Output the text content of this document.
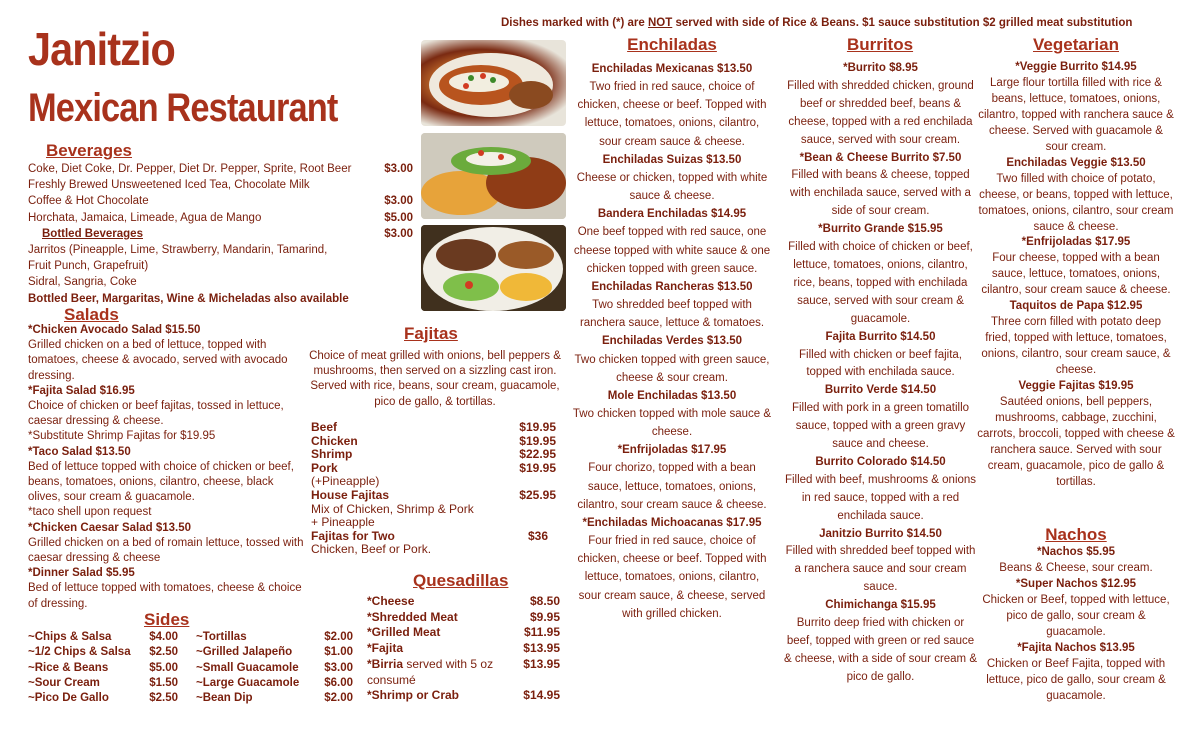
Dishes marked with (*) are NOT served with side of Rice & Beans. $1 sauce substitution $2 grilled meat substitution
Janitzio
Mexican Restaurant
Beverages
Coke, Diet Coke, Dr. Pepper, Diet Dr. Pepper, Sprite, Root Beer	$3.00
Freshly Brewed Unsweetened Iced Tea, Chocolate Milk
Coffee & Hot Chocolate	$3.00
Horchata, Jamaica, Limeade, Agua de Mango	$5.00
Bottled Beverages	$3.00
Jarritos (Pineapple, Lime, Strawberry, Mandarin, Tamarind,
Fruit Punch, Grapefruit)
Sidral, Sangria, Coke
Bottled Beer, Margaritas, Wine & Micheladas also available
Salads
*Chicken Avocado Salad $15.50
Grilled chicken on a bed of lettuce, topped with tomatoes, cheese & avocado, served with avocado dressing.
*Fajita Salad $16.95
Choice of chicken or beef fajitas, tossed in lettuce, caesar dressing & cheese.
*Substitute Shrimp Fajitas for $19.95
*Taco Salad $13.50
Bed of lettuce topped with choice of chicken or beef, beans, tomatoes, onions, cilantro, cheese, black olives, sour cream & guacamole.
*taco shell upon request
*Chicken Caesar Salad $13.50
Grilled chicken on a bed of romain lettuce, tossed with caesar dressing & cheese
*Dinner Salad $5.95
Bed of lettuce topped with tomatoes, cheese & choice of dressing.
Sides
~Chips & Salsa	$4.00
~1/2 Chips & Salsa $2.50
~Rice & Beans	$5.00
~Sour Cream	$1.50
~Pico De Gallo	$2.50
~Tortillas	$2.00
~Grilled Jalapeño	$1.00
~Small Guacamole $3.00
~Large Guacamole $6.00
~Bean Dip	$2.00
Fajitas
Choice of meat grilled with onions, bell peppers & mushrooms, then served on a sizzling cast iron. Served with rice, beans, sour cream, guacamole, pico de gallo, & tortillas.
Beef	$19.95
Chicken	$19.95
Shrimp	$22.95
Pork	$19.95
(+Pineapple)
House Fajitas	$25.95
Mix of Chicken, Shrimp & Pork
+ Pineapple
Fajitas for Two	$36
Chicken, Beef or Pork.
Quesadillas
*Cheese	$8.50
*Shredded Meat	$9.95
*Grilled Meat	$11.95
*Fajita	$13.95
*Birria served with 5 oz	$13.95
consumé
*Shrimp or Crab	$14.95
Enchiladas
Enchiladas Mexicanas $13.50
Two fried in red sauce, choice of chicken, cheese or beef. Topped with lettuce, tomatoes, onions, cilantro, sour cream sauce & cheese.
Enchiladas Suizas $13.50
Cheese or chicken, topped with white sauce & cheese.
Bandera Enchiladas $14.95
One beef topped with red sauce, one cheese topped with white sauce & one chicken topped with green sauce.
Enchiladas Rancheras $13.50
Two shredded beef topped with ranchera sauce, lettuce & tomatoes.
Enchiladas Verdes $13.50
Two chicken topped with green sauce, cheese & sour cream.
Mole Enchiladas $13.50
Two chicken topped with mole sauce & cheese.
*Enfrijoladas $17.95
Four chorizo, topped with a bean sauce, lettuce, tomatoes, onions, cilantro, sour cream sauce & cheese.
*Enchiladas Michoacanas $17.95
Four fried in red sauce, choice of chicken, cheese or beef. Topped with lettuce, tomatoes, onions, cilantro, sour cream sauce, & cheese, served with grilled chicken.
Burritos
*Burrito $8.95
Filled with shredded chicken, ground beef or shredded beef, beans & cheese, topped with a red enchilada sauce, served with sour cream.
*Bean & Cheese Burrito $7.50
Filled with beans & cheese, topped with enchilada sauce, served with a side of sour cream.
*Burrito Grande $15.95
Filled with choice of chicken or beef, lettuce, tomatoes, onions, cilantro, rice, beans, topped with enchilada sauce, served with sour cream & guacamole.
Fajita Burrito $14.50
Filled with chicken or beef fajita, topped with enchilada sauce.
Burrito Verde $14.50
Filled with pork in a green tomatillo sauce, topped with a green gravy sauce and cheese.
Burrito Colorado $14.50
Filled with beef, mushrooms & onions in red sauce, topped with a red enchilada sauce.
Janitzio Burrito $14.50
Filled with shredded beef topped with a ranchera sauce and sour cream sauce.
Chimichanga $15.95
Burrito deep fried with chicken or beef, topped with green or red sauce & cheese, with a side of sour cream & pico de gallo.
Vegetarian
*Veggie Burrito $14.95
Large flour tortilla filled with rice & beans, lettuce, tomatoes, onions, cilantro, topped with ranchera sauce & cheese. Served with guacamole & sour cream.
Enchiladas Veggie $13.50
Two filled with choice of potato, cheese, or beans, topped with lettuce, tomatoes, onions, cilantro, sour cream sauce & cheese.
*Enfrijoladas $17.95
Four cheese, topped with a bean sauce, lettuce, tomatoes, onions, cilantro, sour cream sauce & cheese.
Taquitos de Papa $12.95
Three corn filled with potato deep fried, topped with lettuce, tomatoes, onions, cilantro, sour cream sauce, & cheese.
Veggie Fajitas $19.95
Sautéed onions, bell peppers, mushrooms, cabbage, zucchini, carrots, broccoli, topped with cheese & ranchera sauce. Served with sour cream, guacamole, pico de gallo & tortillas.
Nachos
*Nachos $5.95
Beans & Cheese, sour cream.
*Super Nachos $12.95
Chicken or Beef, topped with lettuce, pico de gallo, sour cream & guacamole.
*Fajita Nachos $13.95
Chicken or Beef Fajita, topped with lettuce, pico de gallo, sour cream & guacamole.
